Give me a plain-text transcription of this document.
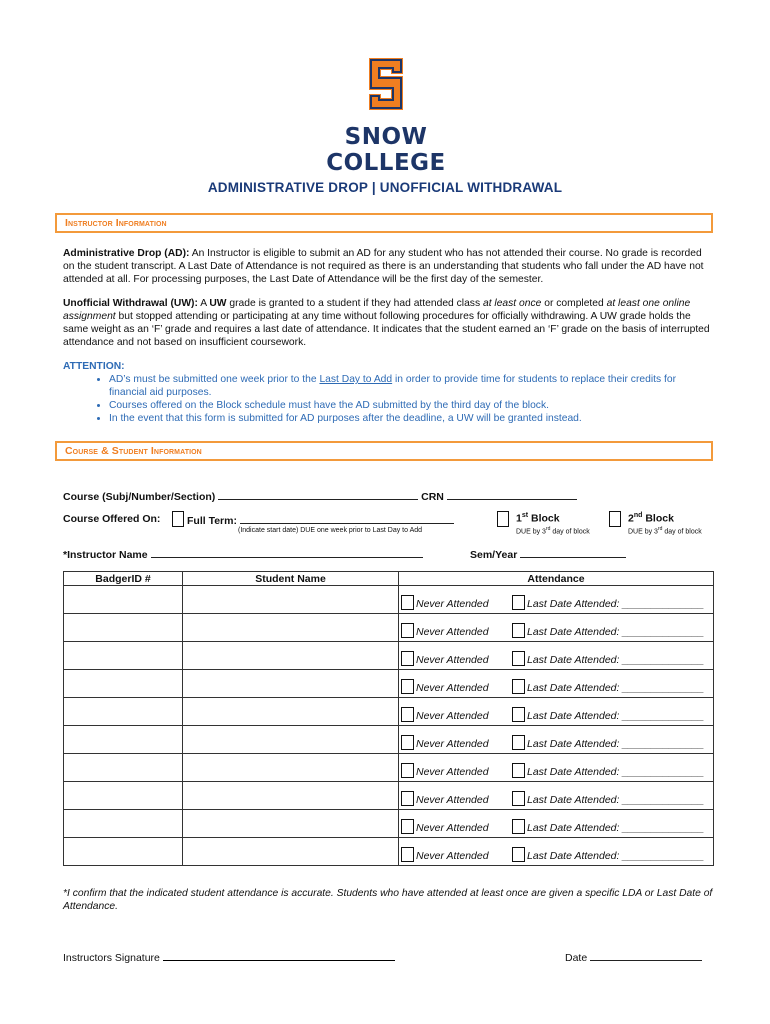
SNOW COLLEGE
ADMINISTRATIVE DROP | UNOFFICIAL WITHDRAWAL
Instructor Information
Administrative Drop (AD): An Instructor is eligible to submit an AD for any student who has not attended their course. No grade is recorded on the student transcript. A Last Date of Attendance is not required as there is an understanding that students who fall under the AD have not attended at all. For processing purposes, the Last Date of Attendance will be the first day of the semester.
Unofficial Withdrawal (UW): A UW grade is granted to a student if they had attended class at least once or completed at least one online assignment but stopped attending or participating at any time without following procedures for officially withdrawing. A UW grade holds the same weight as an ‘F’ grade and requires a last date of attendance. It indicates that the student earned an ‘F’ grade on the basis of interrupted attendance and not based on insufficient coursework.
ATTENTION:
• AD’s must be submitted one week prior to the Last Day to Add in order to provide time for students to replace their credits for financial aid purposes.
• Courses offered on the Block schedule must have the AD submitted by the third day of the block.
• In the event that this form is submitted for AD purposes after the deadline, a UW will be granted instead.
Course & Student Information
Course (Subj/Number/Section)	CRN
Course Offered On:	Full Term:
(Indicate start date) DUE one week prior to Last Day to Add
1st Block
DUE by 3rd day of block
2nd Block
DUE by 3rd day of block
*Instructor Name	Sem/Year
BadgerID #	Student Name	Attendance

		Never Attended Last Date Attended: ______________

		Never Attended Last Date Attended: ______________

		Never Attended Last Date Attended: ______________

		Never Attended Last Date Attended: ______________

		Never Attended Last Date Attended: ______________

		Never Attended Last Date Attended: ______________

		Never Attended Last Date Attended: ______________

		Never Attended Last Date Attended: ______________

		Never Attended Last Date Attended: ______________

		Never Attended Last Date Attended: ______________
*I confirm that the indicated student attendance is accurate. Students who have attended at least once are given a specific LDA or Last Date of Attendance.
Instructors Signature	Date
